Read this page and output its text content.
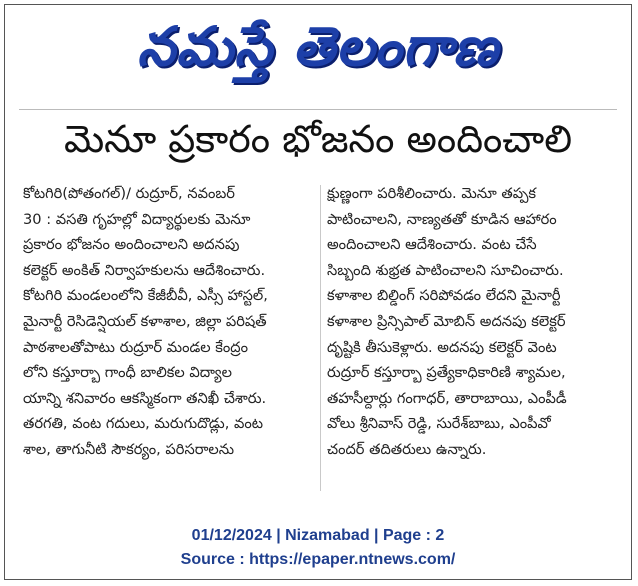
నమస్తే తెలంగాణ
మెనూ ప్రకారం భోజనం అందించాలి
కోటగిరి(పోతంగల్)/ రుద్రూర్, నవంబర్
30 : వసతి గృహల్లో విద్యార్థులకు మెనూ
ప్రకారం భోజనం అందించాలని అదనపు
కలెక్టర్ అంకిత్ నిర్వాహకులను ఆదేశించారు.
కోటగిరి మండలంలోని కేజీబీవీ, ఎస్సీ హాస్టల్,
మైనార్టీ రెసిడెన్షియల్ కళాశాల, జిల్లా పరిషత్
పాఠశాలతోపాటు రుద్రూర్ మండల కేంద్రం
లోని కస్తూర్బా గాంధీ బాలికల విద్యాల
యాన్ని శనివారం ఆకస్మికంగా తనిఖీ చేశారు.
తరగతి, వంట గదులు, మరుగుదొడ్లు, వంట
శాల, తాగునీటి సౌకర్యం, పరిసరాలను
క్షుణ్ణంగా పరిశీలించారు. మెనూ తప్పక
పాటించాలని, నాణ్యతతో కూడిన ఆహారం
అందించాలని ఆదేశించారు. వంట చేసే
సిబ్బంది శుభ్రత పాటించాలని సూచించారు.
కళాశాల బిల్డింగ్ సరిపోవడం లేదని మైనార్టీ
కళాశాల ప్రిన్సిపాల్ మోబిన్ అదనపు కలెక్టర్
దృష్టికి తీసుకెళ్లారు. అదనపు కలెక్టర్ వెంట
రుద్రూర్ కస్తూర్బా ప్రత్యేకాధికారిణి శ్యామల,
తహసీల్దార్లు గంగాధర్, తారాబాయి, ఎంపీడీ
వోలు శ్రీనివాస్ రెడ్డి, సురేశ్‌బాబు, ఎంపీవో
చందర్ తదితరులు ఉన్నారు.
01/12/2024 | Nizamabad | Page : 2
Source : https://epaper.ntnews.com/
